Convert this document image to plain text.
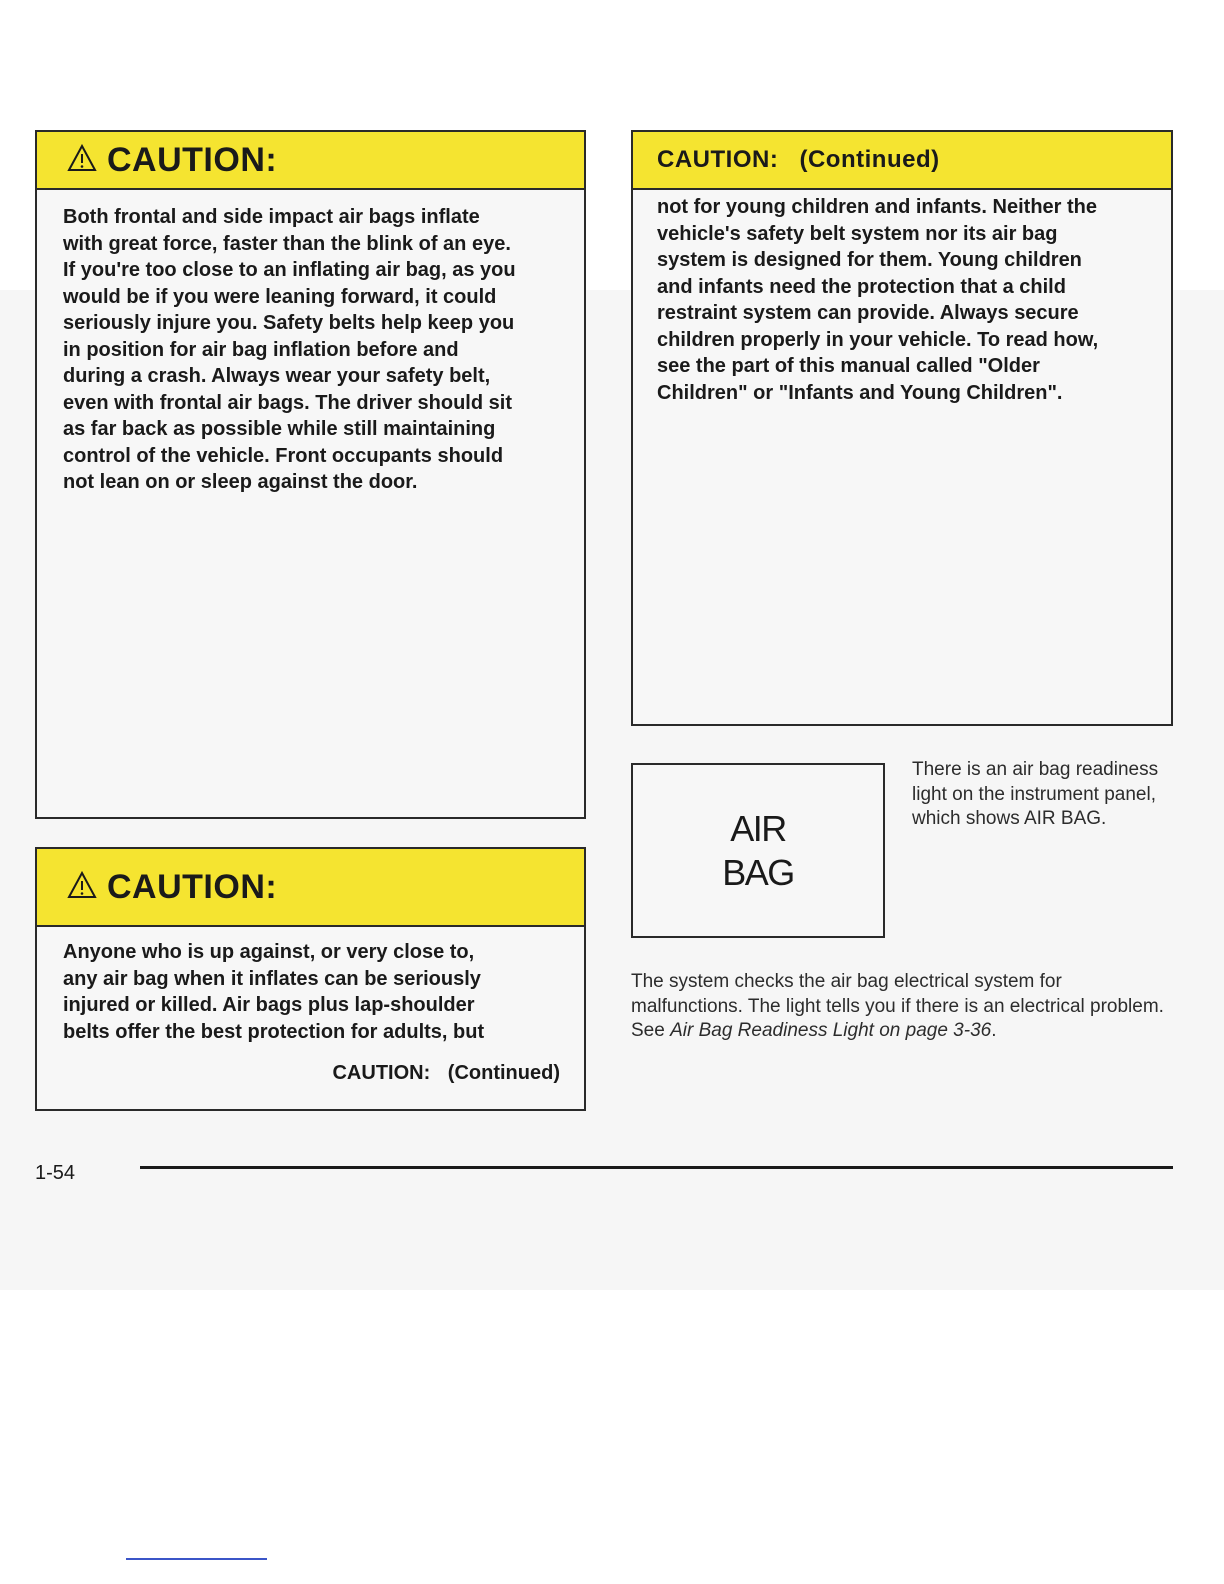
CAUTION:
Both frontal and side impact air bags inflate
with great force, faster than the blink of an eye.
If you're too close to an inflating air bag, as you
would be if you were leaning forward, it could
seriously injure you. Safety belts help keep you
in position for air bag inflation before and
during a crash. Always wear your safety belt,
even with frontal air bags. The driver should sit
as far back as possible while still maintaining
control of the vehicle. Front occupants should
not lean on or sleep against the door.
CAUTION:
Anyone who is up against, or very close to,
any air bag when it inflates can be seriously
injured or killed. Air bags plus lap-shoulder
belts offer the best protection for adults, but
CAUTION: (Continued)
CAUTION: (Continued)
not for young children and infants. Neither the
vehicle's safety belt system nor its air bag
system is designed for them. Young children
and infants need the protection that a child
restraint system can provide. Always secure
children properly in your vehicle. To read how,
see the part of this manual called "Older
Children" or "Infants and Young Children".
AIR
BAG
There is an air bag readiness light on the instrument panel, which shows AIR BAG.
The system checks the air bag electrical system for malfunctions. The light tells you if there is an electrical problem. See Air Bag Readiness Light on page 3-36.
1-54
